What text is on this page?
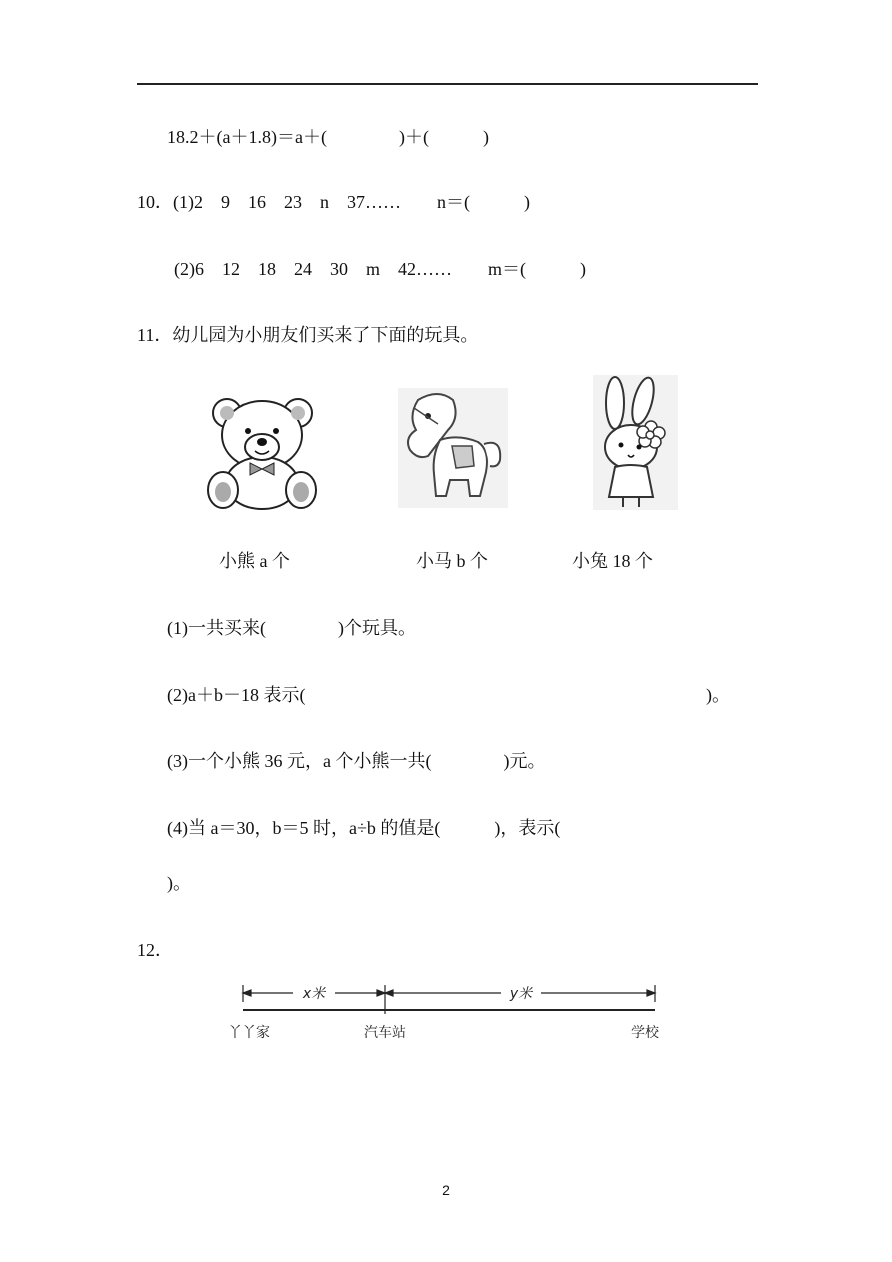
18.2＋(a＋1.8)＝a＋(　　　　)＋(　　　)
10．(1)2　9　16　23　n　37……　　n＝(　　　)
(2)6　12　18　24　30　m　42……　　m＝(　　　)
11．幼儿园为小朋友们买来了下面的玩具。
小熊 a 个	小马 b 个	小兔 18 个
(1)一共买来(　　　　)个玩具。
(2)a＋b－18 表示(	)。
(3)一个小熊 36 元，a 个小熊一共(　　　　)元。
(4)当 a＝30，b＝5 时，a÷b 的值是(　　　)，表示(
)。
12．
x米	y米
丫丫家	汽车站	学校
2
